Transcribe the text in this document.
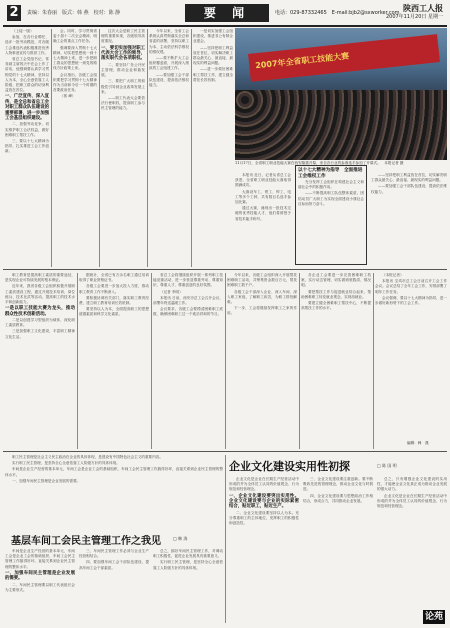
2	责编：朱春丽　版式：韩 燕　校对：陈 静	要 闻	电话：029-87332465　E-mail:bjb2@sxworker.com 陕西工人报
2007年11月20日 星期一

（上接一版）

参加，在各行业聘任、选评一批劳动模范，对各级工会推选代表积极推进优秀人物事迹宣传与推荐工作。

省总工会党组书记、常务副主席郭天中在会上作了讲话，他强调要认真学习贯彻党的十七大精神，坚持以人为本，全心全意依靠工人阶级，把职工群众的切身利益放在首位。

一、广泛宣传、深入宣传，是全总和省总工会对职工群众队伍建设的重要部署，进一步加强工会基层组织建设。

二、加强劳动竞争，切实维护职工合法权益，做好困难职工帮扶工作。

三、要以十七大精神为指导，扎实推进工会工作创新。

会。同时，学习贯彻省委十届十二次全会精神，明确工会的重点工作任务。

强调要深入贯彻十七大精神，切实把思想统一到十七大精神上来，进一步把职工群众的思想统一到党的路线方针政策上来。

会议指出，各级工会组织要把学习贯彻十七大精神作为当前和今后一个时期的首要政治任务。

（郭 峰）

这次大会是职工民主管理的重要体现，各级领导高度重视。

一、要切实加强对职工代表大会工作的领导，落实职代会各项职权。

二、要坚持厂务公开民主管理，推动企业和谐发展。

三、要把广大职工的积极性引导到企业改革发展上来。

——职工代表大会要依法行使职权，提高职工参与民主管理的能力。

今年以来，全省工会系统认真贯彻落实全总和省委的部署，坚持以职工为本、主动依法科学维权的维权观。

——要不断扩大工会组织覆盖面，开展深入细致的工会组建工作。

——要加强工会干部队伍建设，提高依法维权能力。

一是切实加强工会组织建设，推进非公有制企业建会。

——坚持把职工利益放在首位，切实解决职工群众最关心、最直接、最现实的利益问题。

——进一步做好困难职工帮扶工作，建立健全帮扶长效机制。

2007年全省职工技能大赛
11月17日，全省职工职业技能大赛在西安隆重开幕，来自各行业的参赛选手参加了开幕式。　本报记者 摄

本报讯 近日，记者从省总工会获悉，全省职工职业技能大赛取得圆满成功。

大赛设车工、钳工、焊工、电工等多个工种，共有数百名选手参加比赛。

通过大赛，涌现出一批技术过硬的优秀技能人才，他们将被授予省技术能手称号。

以十七大精神为指导　全面推进工会维权工作

充分发挥工会组织在构建社会主义和谐社会中的积极作用。

——不断提高职工队伍整体素质，团结动员广大职工为实现全面建设小康社会目标而努力奋斗。

——坚持把职工利益放在首位，切实解决职工群众最关心、最直接、最现实的利益问题。

——要加强工会干部队伍建设，提高依法维权能力。

职工教育是提高职工素质的重要途径，是实现企业可持续发展的根本保证。

近年来，我省各级工会组织积极开展职工素质建设工程，通过开展技术培训、岗位练兵、技术比武等活动，提高职工的技术水平和创新能力。

一是以职工技能大赛为龙头，推动群众性技术创新活动。

二是以创建学习型组织为载体，深化职工素质教育。

三是加强职工文化建设，丰富职工精神文化生活。

据统计，全省已有万余名职工通过培训取得了职业资格证书。

各级工会要进一步加大投入力度，推动职工教育工作不断深入。

要积极协调有关部门，落实职工教育经费，建立职工教育培训长效机制。

要坚持以人为本，全面提高职工的思想道德素质和科学文化素质。

省总工会将继续组织开展一系列职工技能竞赛活动，进一步营造尊重劳动、尊重知识、尊重人才、尊重创造的良好氛围。

（记者 李明）

本报讯 日前，西安市总工会召开会议，部署年终送温暖工作。

会议要求，各级工会要摸清困难职工底数，确保困难职工过一个欢乐祥和的节日。

今年以来，各级工会组织深入开展帮扶困难职工活动，共筹集资金数百万元，帮扶困难职工数千户。

各级工会干部深入企业、深入车间、深入职工家庭，了解职工疾苦，为职工排忧解难。

下一步，工会将继续发挥职工之家的作用。

各企业工会要进一步完善困难职工档案，实行动态管理，切实做到底数清、情况明。

要把帮扶工作与促进就业结合起来，帮助困难职工转变就业观念，实现再就业。

要建立健全困难职工帮扶中心，不断提高帮扶工作的水平。

（本报记者）

本报讯 宝鸡市总工会日前召开工会工作会议。会议总结了全年工会工作，安排部署了明年工作任务。

会议强调，要以十七大精神为指导，进一步做好新形势下的工会工作。

编辑：韩　燕

职工民主管理是社会主义民主政治在企业的具体体现，是建设有中国特色社会主义的重要内容。

实行职工民主管理，是坚持全心全意依靠工人阶级方针的具体体现。

车间是企业生产经营的基本单元，车间工会是企业工会的基础组织，车间工会民主管理工作搞得好坏，直接关系到企业民主管理的整体水平。

一、加强车间民主管理是企业发展的需要。

基层车间工会民主管理工作之我见	□ 韩 涛

车间是企业生产经营的基本单元，车间工会是企业工会的基础组织，车间工会民主管理工作搞得好坏，直接关系到企业民主管理的整体水平。

一、加强车间民主管理是企业发展的需要。

二、车间民主管理要以职工代表组长会为主要形式。

三、车间民主管理工作必须与企业生产经营相结合。

四、要加强车间工会干部队伍建设，提高车间工会干部素质。

总之，搞好车间民主管理工作，对调动职工积极性，促进企业发展具有重要意义。

实行职工民主管理，是坚持全心全意依靠工人阶级方针的具体体现。

企业文化建设实用性初探	□ 陈 国 明

企业文化是企业在长期生产经营活动中形成的并为全体员工认同的价值观念、行为规范和经营理念。

一、企业文化建设要突出实用性。企业文化建设要与企业的实际紧密结合，贴近职工，贴近生产。

二、企业文化建设要坚持以人为本。充分尊重职工的主体地位，发挥职工的积极性和创造性。

三、企业文化建设要注重创新。要不断吸收先进的管理理念，推动企业文化与时俱进。

四、企业文化建设要与思想政治工作相结合，形成合力，共同推动企业发展。

总之，只有增强企业文化建设的实用性，才能使企业文化真正成为推动企业发展的强大动力。

企业文化是企业在长期生产经营活动中形成的并为全体员工认同的价值观念、行为规范和经营理念。

论苑
